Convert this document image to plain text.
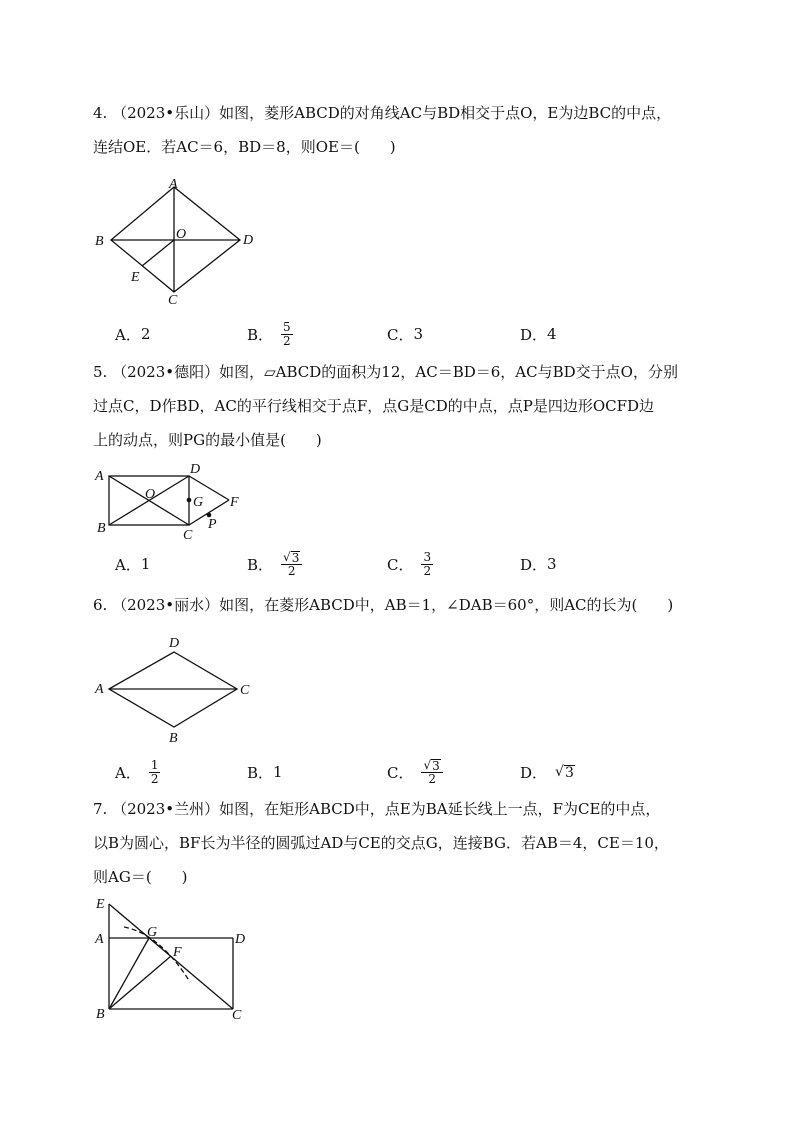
4. （2023•乐山）如图，菱形ABCD的对角线AC与BD相交于点O，E为边BC的中点，
连结OE．若AC＝6，BD＝8，则OE＝(　　)
A
B
C
D
O
E
A． 2	B． $\frac{5}{2}$	C． 3	D． 4
5. （2023•德阳）如图，▱ABCD的面积为12，AC＝BD＝6，AC与BD交于点O，分别
过点C，D作BD，AC的平行线相交于点F，点G是CD的中点，点P是四边形OCFD边
上的动点，则PG的最小值是(　　)
A
B	C
D
O
G F
P
A． 1	B． $\frac{√ 3}{2}$	C． $\frac{3}{2}$	D． 3
6. （2023•丽水）如图，在菱形ABCD中，AB＝1，∠DAB＝60°，则AC的长为(　　)
D
A	C
B
A． $\frac{1}{2}$	B． 1	C． $\frac{√ 3}{2}$	D． √ 3
7. （2023•兰州）如图，在矩形ABCD中，点E为BA延长线上一点，F为CE的中点，
以B为圆心，BF长为半径的圆弧过AD与CE的交点G，连接BG．若AB＝4，CE＝10，
则AG＝(　　)
E
A
B	C
D
G
F
